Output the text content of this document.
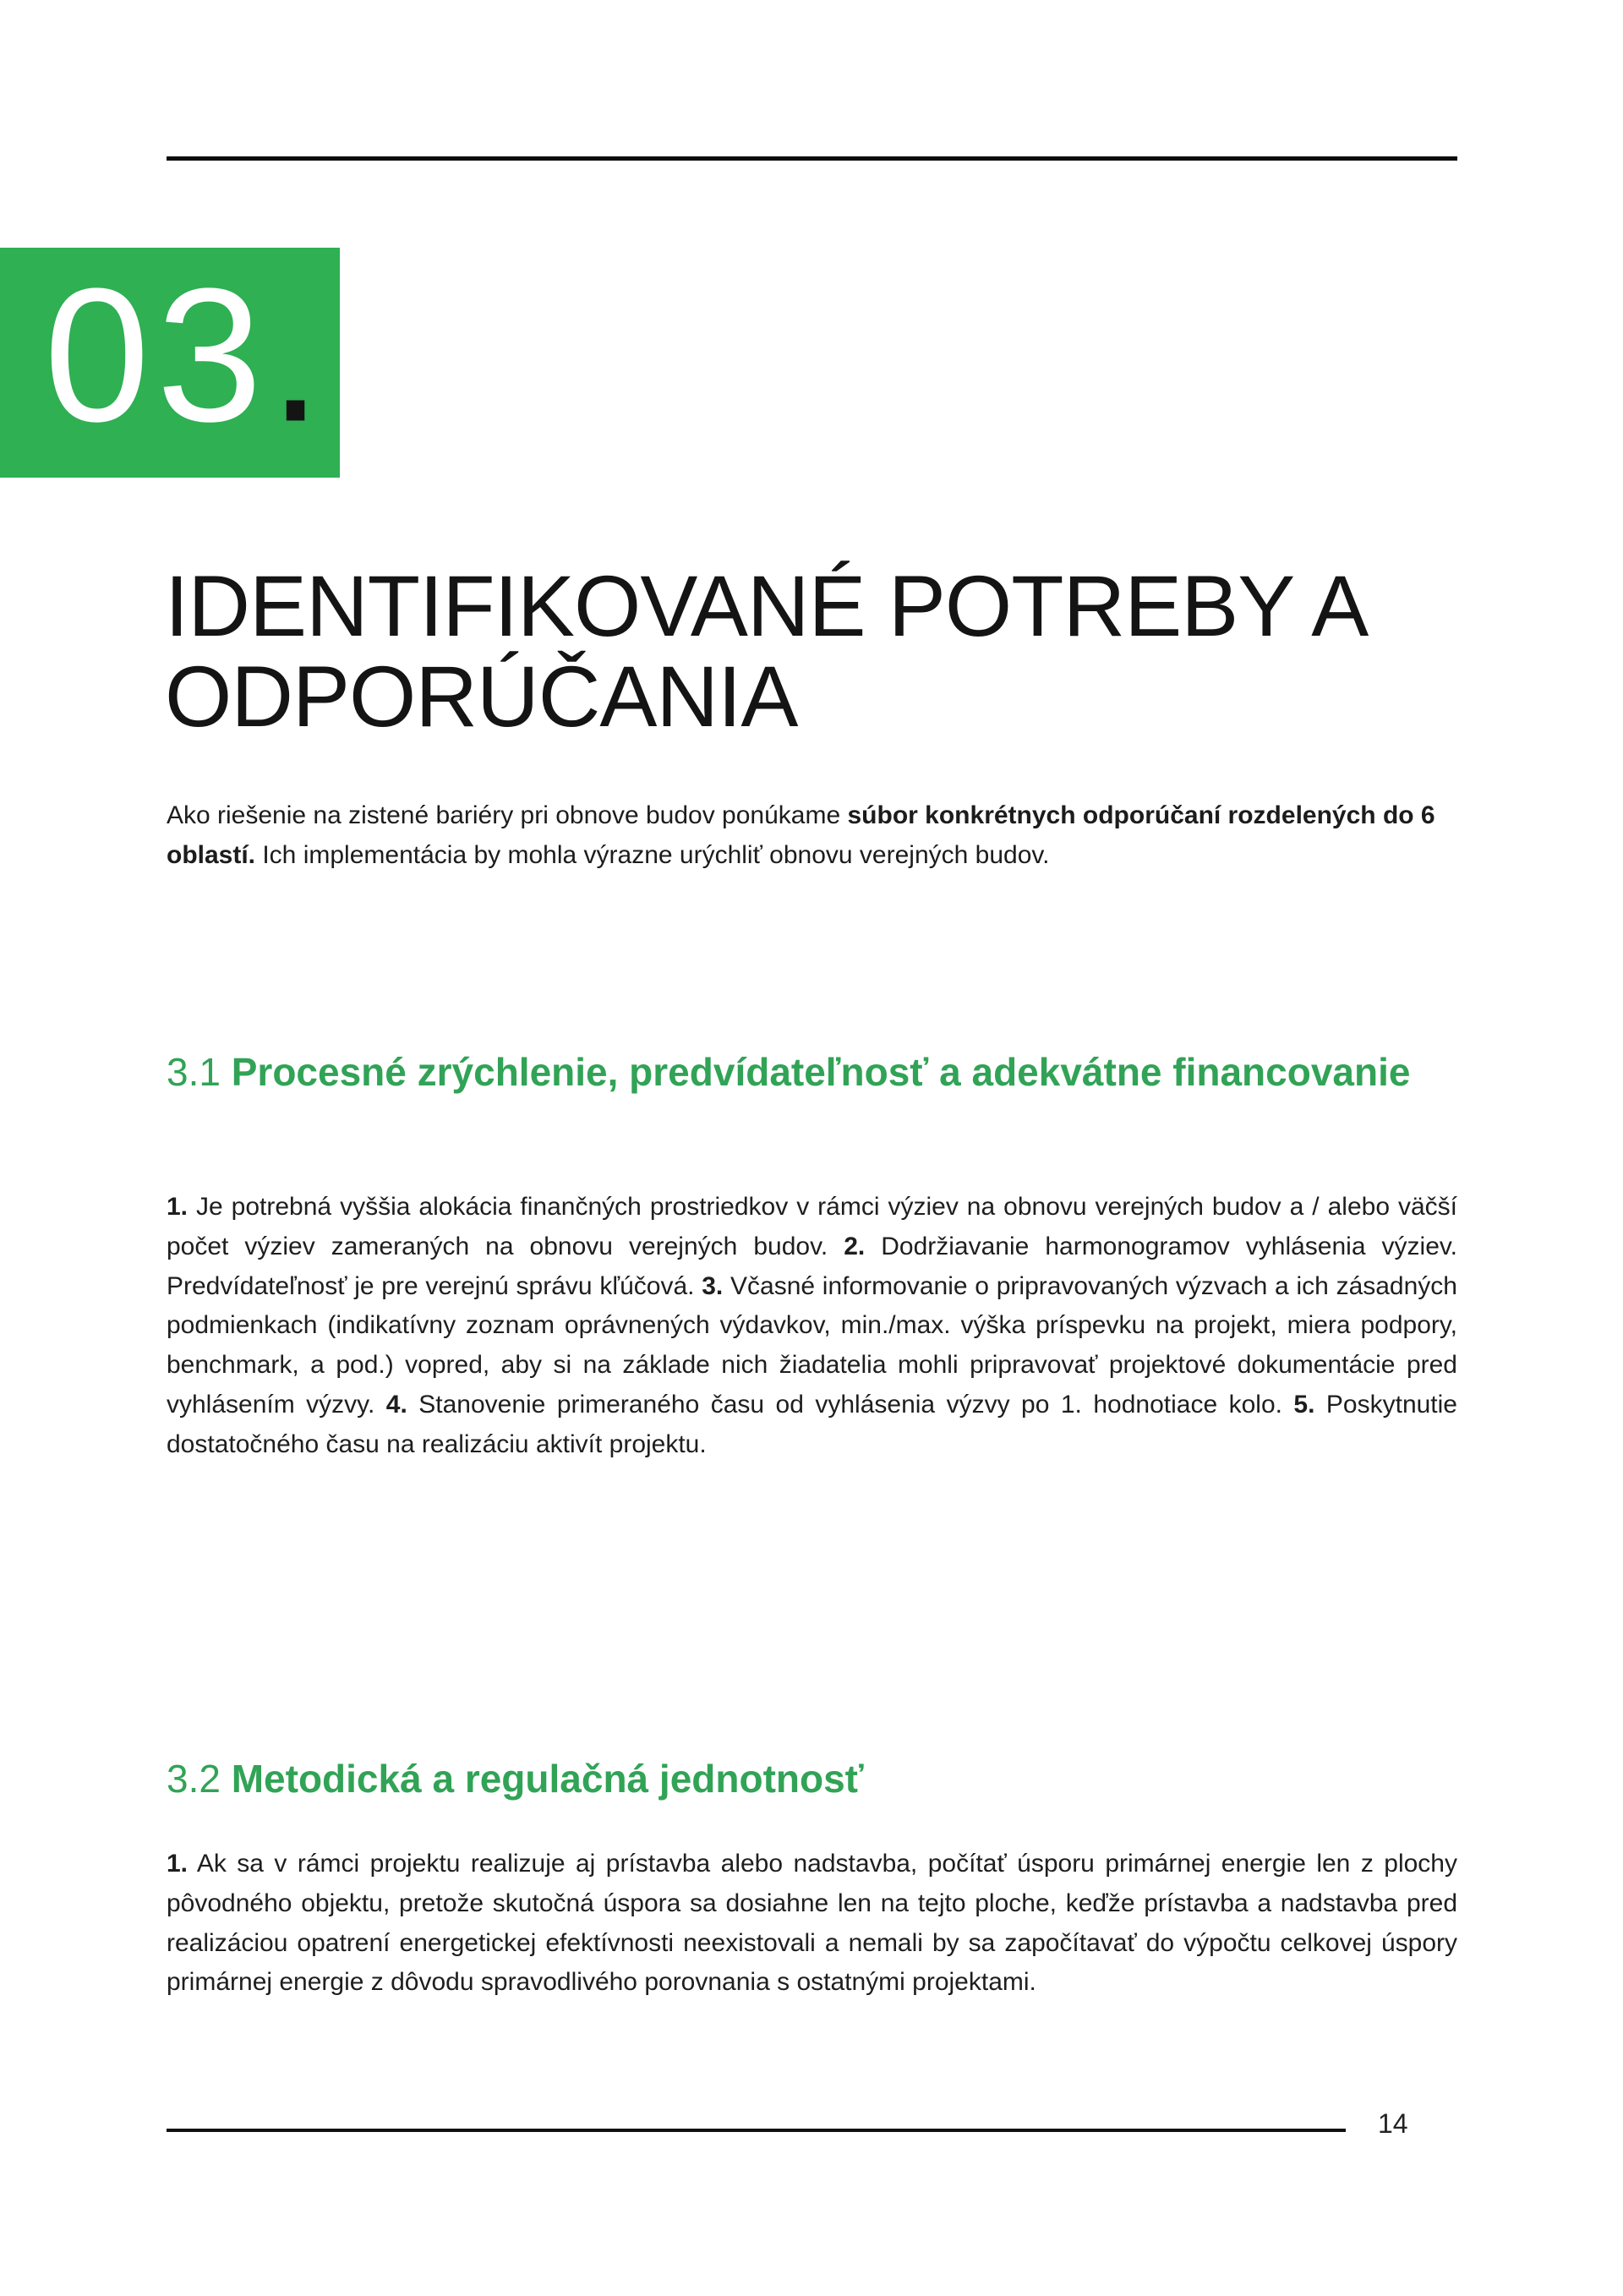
03.
IDENTIFIKOVANÉ POTREBY A
ODPORÚČANIA

Ako riešenie na zistené bariéry pri obnove budov ponúkame súbor konkrétnych odporúčaní rozdelených do 6 oblastí. Ich implementácia by mohla výrazne urýchliť obnovu verejných budov.

3.1 Procesné zrýchlenie, predvídateľnosť a adekvátne financovanie

1. Je potrebná vyššia alokácia finančných prostriedkov v rámci výziev na obnovu verejných budov a / alebo väčší počet výziev zameraných na obnovu verejných budov. 2. Dodržiavanie harmonogramov vyhlásenia výziev. Predvídateľnosť je pre verejnú správu kľúčová. 3. Včasné informovanie o pripravovaných výzvach a ich zásadných podmienkach (indikatívny zoznam oprávnených výdavkov, min./max. výška príspevku na projekt, miera podpory, benchmark, a pod.) vopred, aby si na základe nich žiadatelia mohli pripravovať projektové dokumentácie pred vyhlásením výzvy. 4. Stanovenie primeraného času od vyhlásenia výzvy po 1. hodnotiace kolo. 5. Poskytnutie dostatočného času na realizáciu aktivít projektu.

3.2 Metodická a regulačná jednotnosť

1. Ak sa v rámci projektu realizuje aj prístavba alebo nadstavba, počítať úsporu primárnej energie len z plochy pôvodného objektu, pretože skutočná úspora sa dosiahne len na tejto ploche, keďže prístavba a nadstavba pred realizáciou opatrení energetickej efektívnosti neexistovali a nemali by sa započítavať do výpočtu celkovej úspory primárnej energie z dôvodu spravodlivého porovnania s ostatnými projektami.

14
